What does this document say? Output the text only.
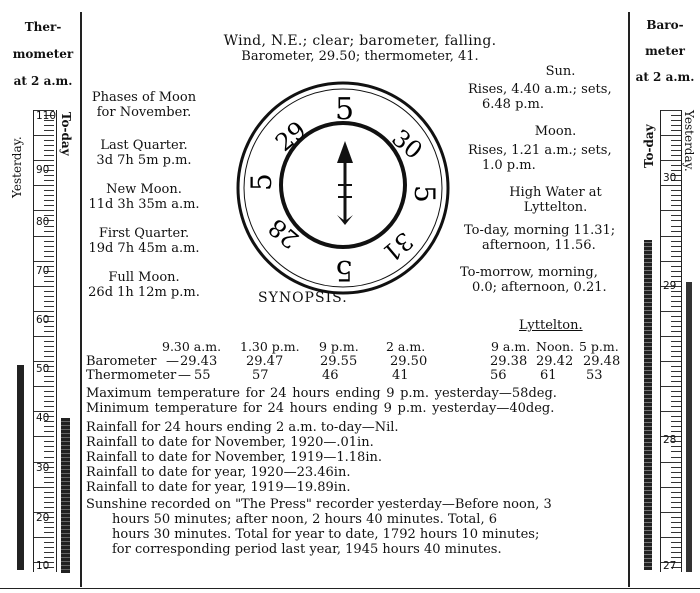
Ther-
mometer
at 2 a.m.
Yesterday.
To-day
110
90
80
70
60
50
40
30
20
10
Baro-
meter
at 2 a.m.
To-day Yesterday.
30
29
28
27
Wind, N.E.; clear; barometer, falling.
Barometer, 29.50; thermometer, 41.
Phases of Moon
for November.
Last Quarter.
3d 7h 5m p.m.
New Moon.
11d 3h 35m a.m.
First Quarter.
19d 7h 45m a.m.
Full Moon.
26d 1h 12m p.m.
5
30
5
31
5
28
5
29
Sun.
Rises, 4.40 a.m.; sets,
6.48 p.m.
Moon.
Rises, 1.21 a.m.; sets,
1.0 p.m.
High Water at
Lyttelton.
To-day, morning 11.31;
afternoon, 11.56.
To-morrow, morning,
0.0; afternoon, 0.21.
SYNOPSIS.
Lyttelton.
9.30 a.m. 1.30 p.m. 9 p.m. 2 a.m.	9 a.m. Noon. 5 p.m.
Barometer — 29.43 29.47	29.55	29.50	29.38 29.42 29.48
Thermometer — 55	57	46	41	56	61 53
Maximum temperature for 24 hours ending 9 p.m. yesterday—58deg.
Minimum temperature for 24 hours ending 9 p.m. yesterday—40deg.
Rainfall for 24 hours ending 2 a.m. to-day—Nil.
Rainfall to date for November, 1920—.01in.
Rainfall to date for November, 1919—1.18in.
Rainfall to date for year, 1920—23.46in.
Rainfall to date for year, 1919—19.89in.
Sunshine recorded on "The Press" recorder yesterday—Before noon, 3
hours 50 minutes; after noon, 2 hours 40 minutes. Total, 6
hours 30 minutes. Total for year to date, 1792 hours 10 minutes;
for corresponding period last year, 1945 hours 40 minutes.
